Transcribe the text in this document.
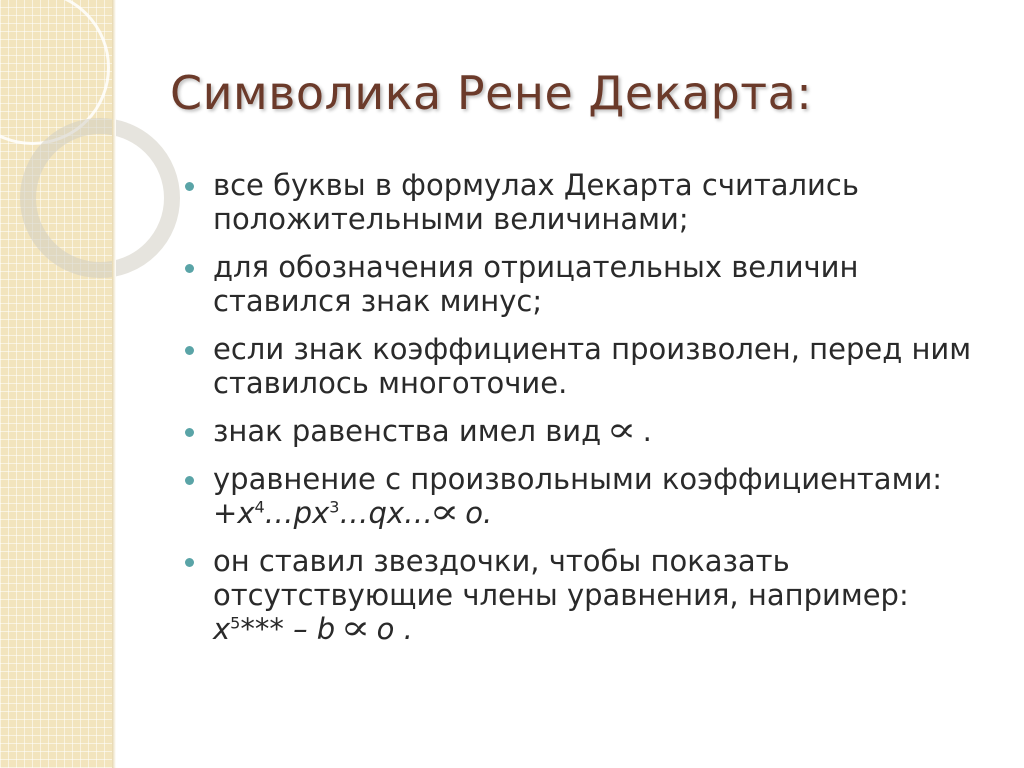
Символика Рене Декарта:
все буквы в формулах Декарта считались положительными величинами;
для обозначения отрицательных величин ставился знак минус;
если знак коэффициента произволен, перед ним ставилось многоточие.
знак равенства имел вид ∝ .
уравнение с произвольными коэффициентами: $+x^4\dots px^3\dots qx\dots\propto о$.
он ставил звездочки, чтобы показать отсутствующие члены уравнения, например: $x^5*** - b \propto о$ .
